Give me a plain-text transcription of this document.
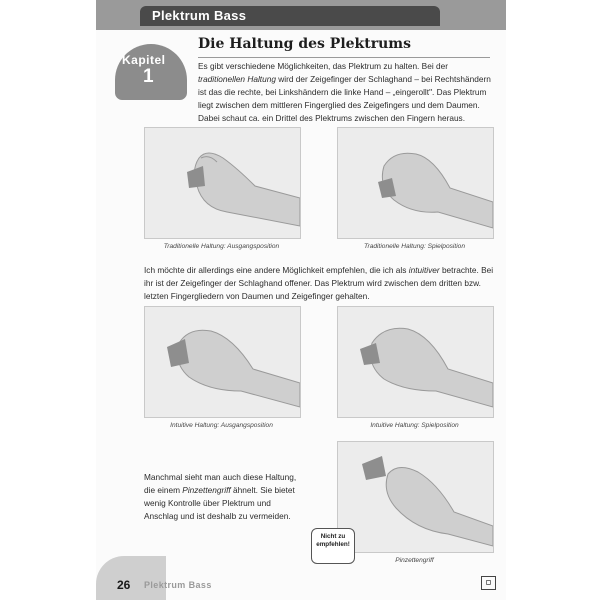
Plektrum Bass
Kapitel
1
Die Haltung des Plektrums
Es gibt verschiedene Möglichkeiten, das Plektrum zu halten. Bei der traditionellen Haltung wird der Zeigefinger der Schlaghand – bei Rechtshändern ist das die rechte, bei Linkshändern die linke Hand – „eingerollt". Das Plektrum liegt zwischen dem mittleren Fingerglied des Zeigefingers und dem Daumen. Dabei schaut ca. ein Drittel des Plektrums zwischen den Fingern heraus.
Traditionelle Haltung: Ausgangsposition	Traditionelle Haltung: Spielposition
Ich möchte dir allerdings eine andere Möglichkeit empfehlen, die ich als intuitiver betrachte. Bei ihr ist der Zeigefinger der Schlaghand offener. Das Plektrum wird zwischen dem dritten bzw. letzten Fingergliedern von Daumen und Zeigefinger gehalten.
Intuitive Haltung: Ausgangsposition	Intuitive Haltung: Spielposition
Manchmal sieht man auch diese Haltung, die einem Pinzettengriff ähnelt. Sie bietet wenig Kontrolle über Plektrum und Anschlag und ist deshalb zu vermeiden.
Pinzettengriff
Nicht zu empfehlen!
26 Plektrum Bass	▢
